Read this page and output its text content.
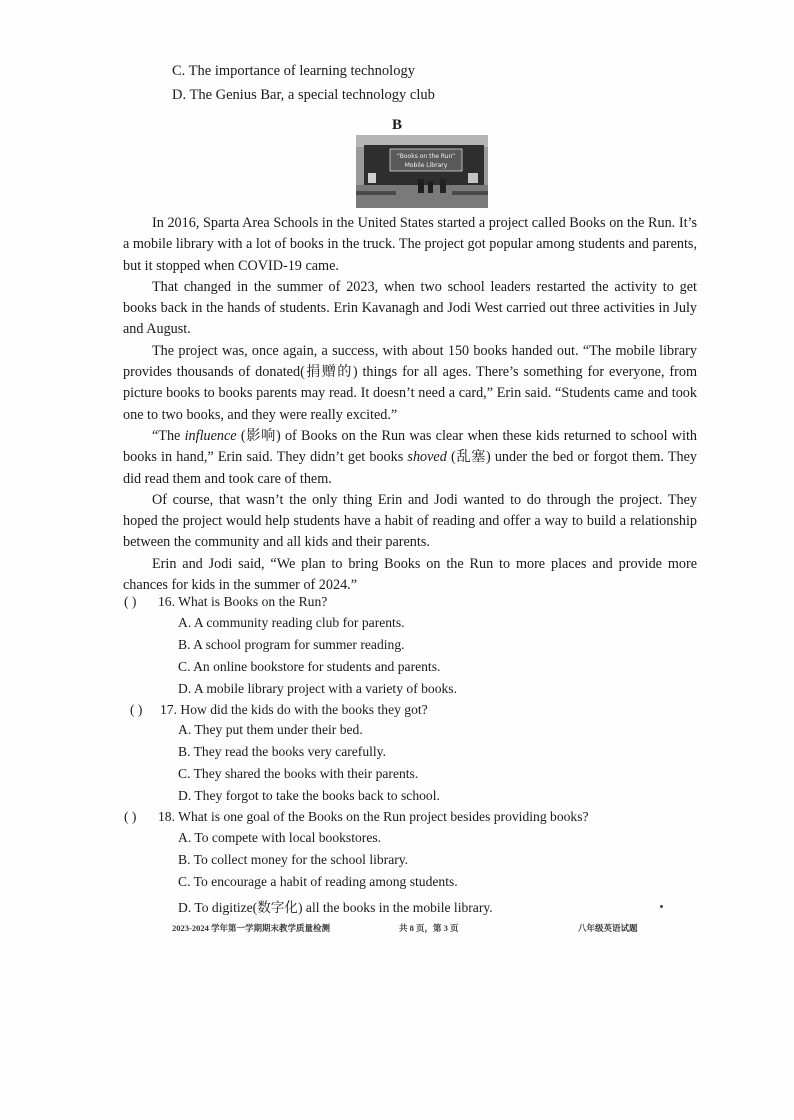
C. The importance of learning technology
D. The Genius Bar, a special technology club
B
“Books on the Run”
Mobile Library

In 2016, Sparta Area Schools in the United States started a project called Books on the Run. It’s a mobile library with a lot of books in the truck. The project got popular among students and parents, but it stopped when COVID-19 came.

That changed in the summer of 2023, when two school leaders restarted the activity to get books back in the hands of students. Erin Kavanagh and Jodi West carried out three activities in July and August.

The project was, once again, a success, with about 150 books handed out. “The mobile library provides thousands of donated(捐赠的) things for all ages. There’s something for everyone, from picture books to books parents may read. It doesn’t need a card,” Erin said. “Students came and took one to two books, and they were really excited.”

“The influence (影响) of Books on the Run was clear when these kids returned to school with books in hand,” Erin said. They didn’t get books shoved (乱塞) under the bed or forgot them. They did read them and took care of them.

Of course, that wasn’t the only thing Erin and Jodi wanted to do through the project. They hoped the project would help students have a habit of reading and offer a way to build a relationship between the community and all kids and their parents.

Erin and Jodi said, “We plan to bring Books on the Run to more places and provide more chances for kids in the summer of 2024.”

( ) 16. What is Books on the Run?
A. A community reading club for parents.
B. A school program for summer reading.
C. An online bookstore for students and parents.
D. A mobile library project with a variety of books.
( ) 17. How did the kids do with the books they got?
A. They put them under their bed.
B. They read the books very carefully.
C. They shared the books with their parents.
D. They forgot to take the books back to school.
( ) 18. What is one goal of the Books on the Run project besides providing books?
A. To compete with local bookstores.
B. To collect money for the school library.
C. To encourage a habit of reading among students.
D. To digitize(数字化) all the books in the mobile library.
2023-2024 学年第一学期期末教学质量检测	共 8 页，第 3 页	八年级英语试题
